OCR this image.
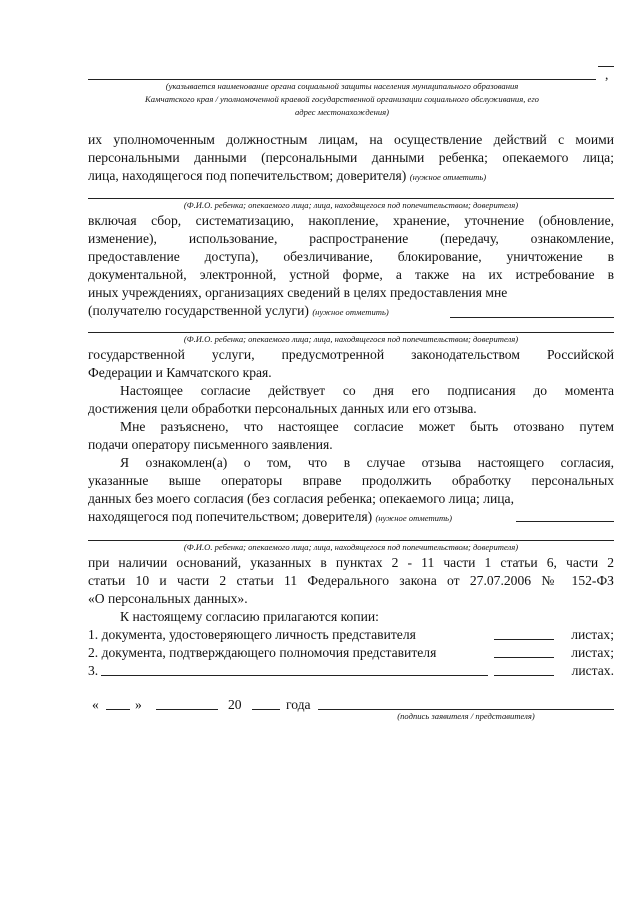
,
(указывается наименование органа социальной защиты населения муниципального образования
Камчатского края / уполномоченной краевой государственной организации социального обслуживания, его
адрес местонахождения)
их уполномоченным должностным лицам, на осуществление действий с моими
персональными данными (персональными данными ребенка; опекаемого лица;
лица, находящегося под попечительством; доверителя) (нужное отметить)
(Ф.И.О. ребенка; опекаемого лица; лица, находящегося под попечительством; доверителя)
включая сбор, систематизацию, накопление, хранение, уточнение (обновление,
изменение), использование, распространение (передачу, ознакомление,
предоставление доступа), обезличивание, блокирование, уничтожение в
документальной, электронной, устной форме, а также на их истребование в
иных учреждениях, организациях сведений в целях предоставления мне
(получателю государственной услуги) (нужное отметить)
(Ф.И.О. ребенка; опекаемого лица; лица, находящегося под попечительством; доверителя)
государственной услуги, предусмотренной законодательством Российской
Федерации и Камчатского края.
Настоящее согласие действует со дня его подписания до момента
достижения цели обработки персональных данных или его отзыва.
Мне разъяснено, что настоящее согласие может быть отозвано путем
подачи оператору письменного заявления.
Я ознакомлен(а) о том, что в случае отзыва настоящего согласия,
указанные выше операторы вправе продолжить обработку персональных
данных без моего согласия (без согласия ребенка; опекаемого лица; лица,
находящегося под попечительством; доверителя) (нужное отметить)
(Ф.И.О. ребенка; опекаемого лица; лица, находящегося под попечительством; доверителя)
при наличии оснований, указанных в пунктах 2 - 11 части 1 статьи 6, части 2
статьи 10 и части 2 статьи 11 Федерального закона от 27.07.2006 № 152-ФЗ
«О персональных данных».
К настоящему согласию прилагаются копии:
1. документа, удостоверяющего личность представителя	листах;
2. документа, подтверждающего полномочия представителя	листах;
3.	листах.
«	»	20	года
(подпись заявителя / представителя)
